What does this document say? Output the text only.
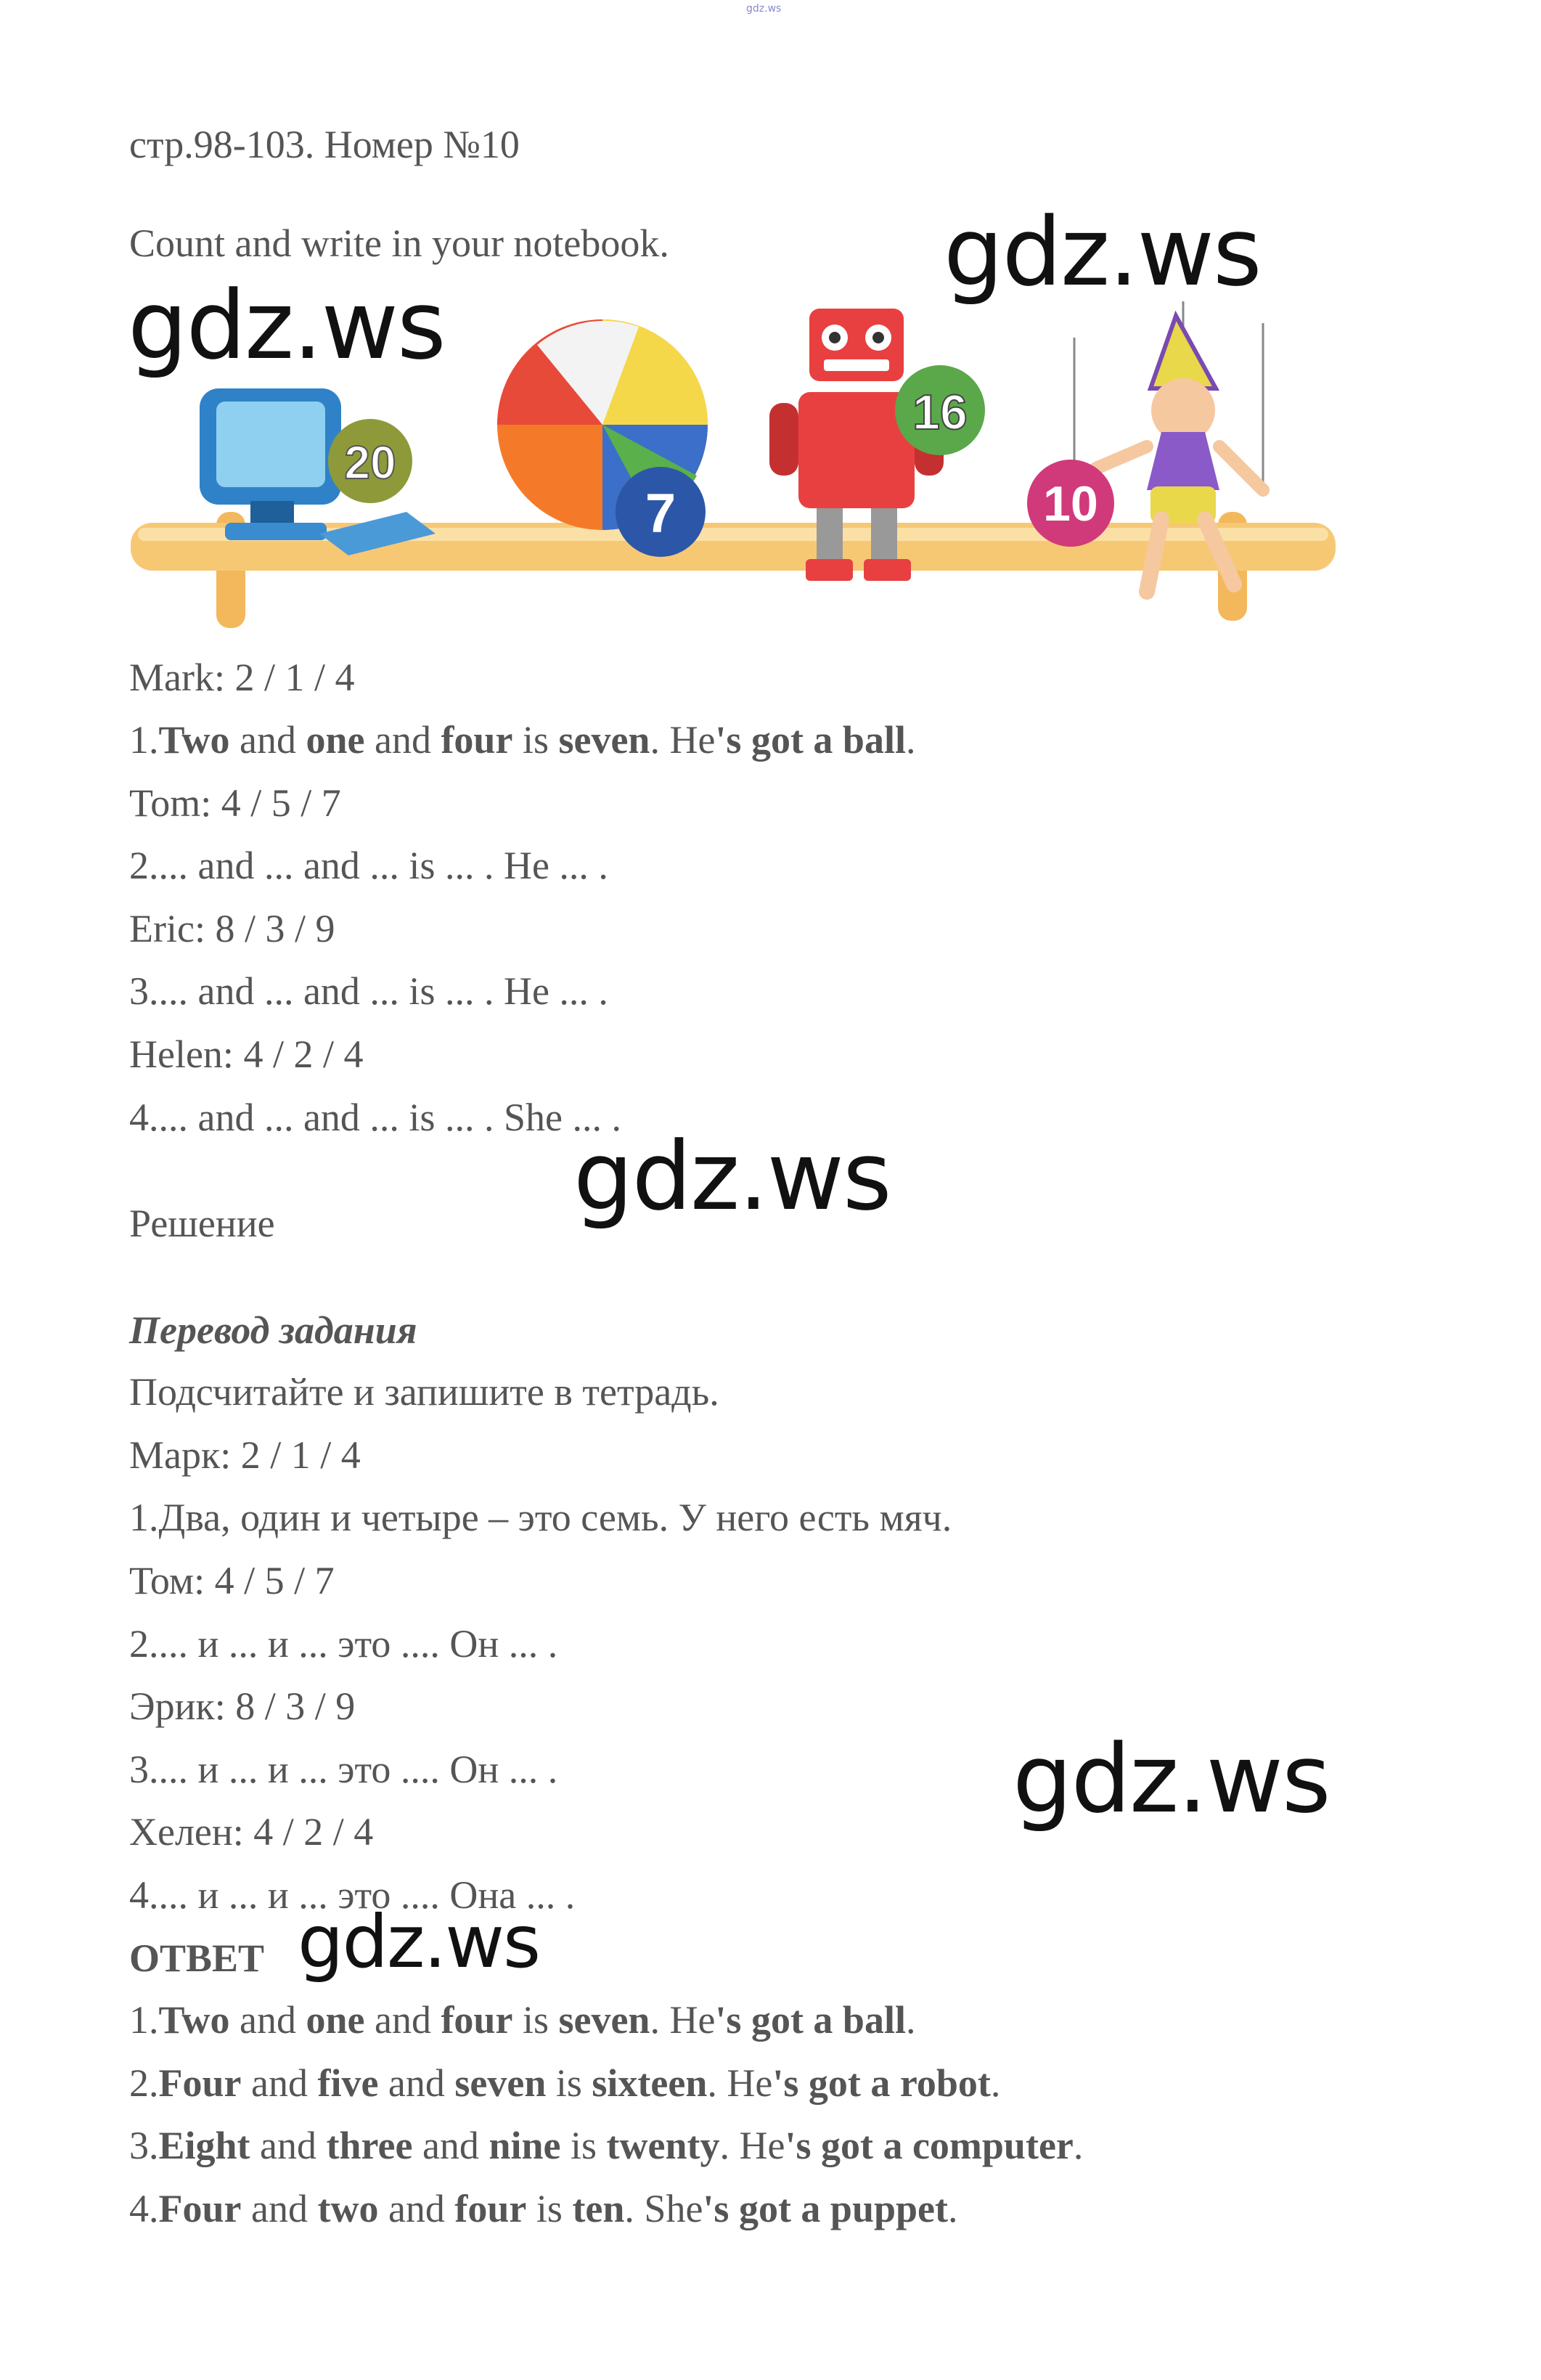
gdz.ws
стр.98-103. Номер №10
Count and write in your notebook.	gdz.ws
gdz.ws
20
7
16
10
Mark: 2 / 1 / 4
1.Two and one and four is seven. He's got a ball.
Tom: 4 / 5 / 7
2.... and ... and ... is ... . He ... .
Eric: 8 / 3 / 9
3.... and ... and ... is ... . He ... .
Helen: 4 / 2 / 4
4.... and ... and ... is ... . She ... .
gdz.ws
Решение
Перевод задания
Подсчитайте и запишите в тетрадь.
Марк: 2 / 1 / 4
1.Два, один и четыре – это семь. У него есть мяч.
Том: 4 / 5 / 7
2.... и ... и ... это .... Он ... .
Эрик: 8 / 3 / 9
3.... и ... и ... это .... Он ... .
Хелен: 4 / 2 / 4
4.... и ... и ... это .... Она ... .
gdz.ws
ОТВЕТ gdz.ws
1.Two and one and four is seven. He's got a ball.
2.Four and five and seven is sixteen. He's got a robot.
3.Eight and three and nine is twenty. He's got a computer.
4.Four and two and four is ten. She's got a puppet.
